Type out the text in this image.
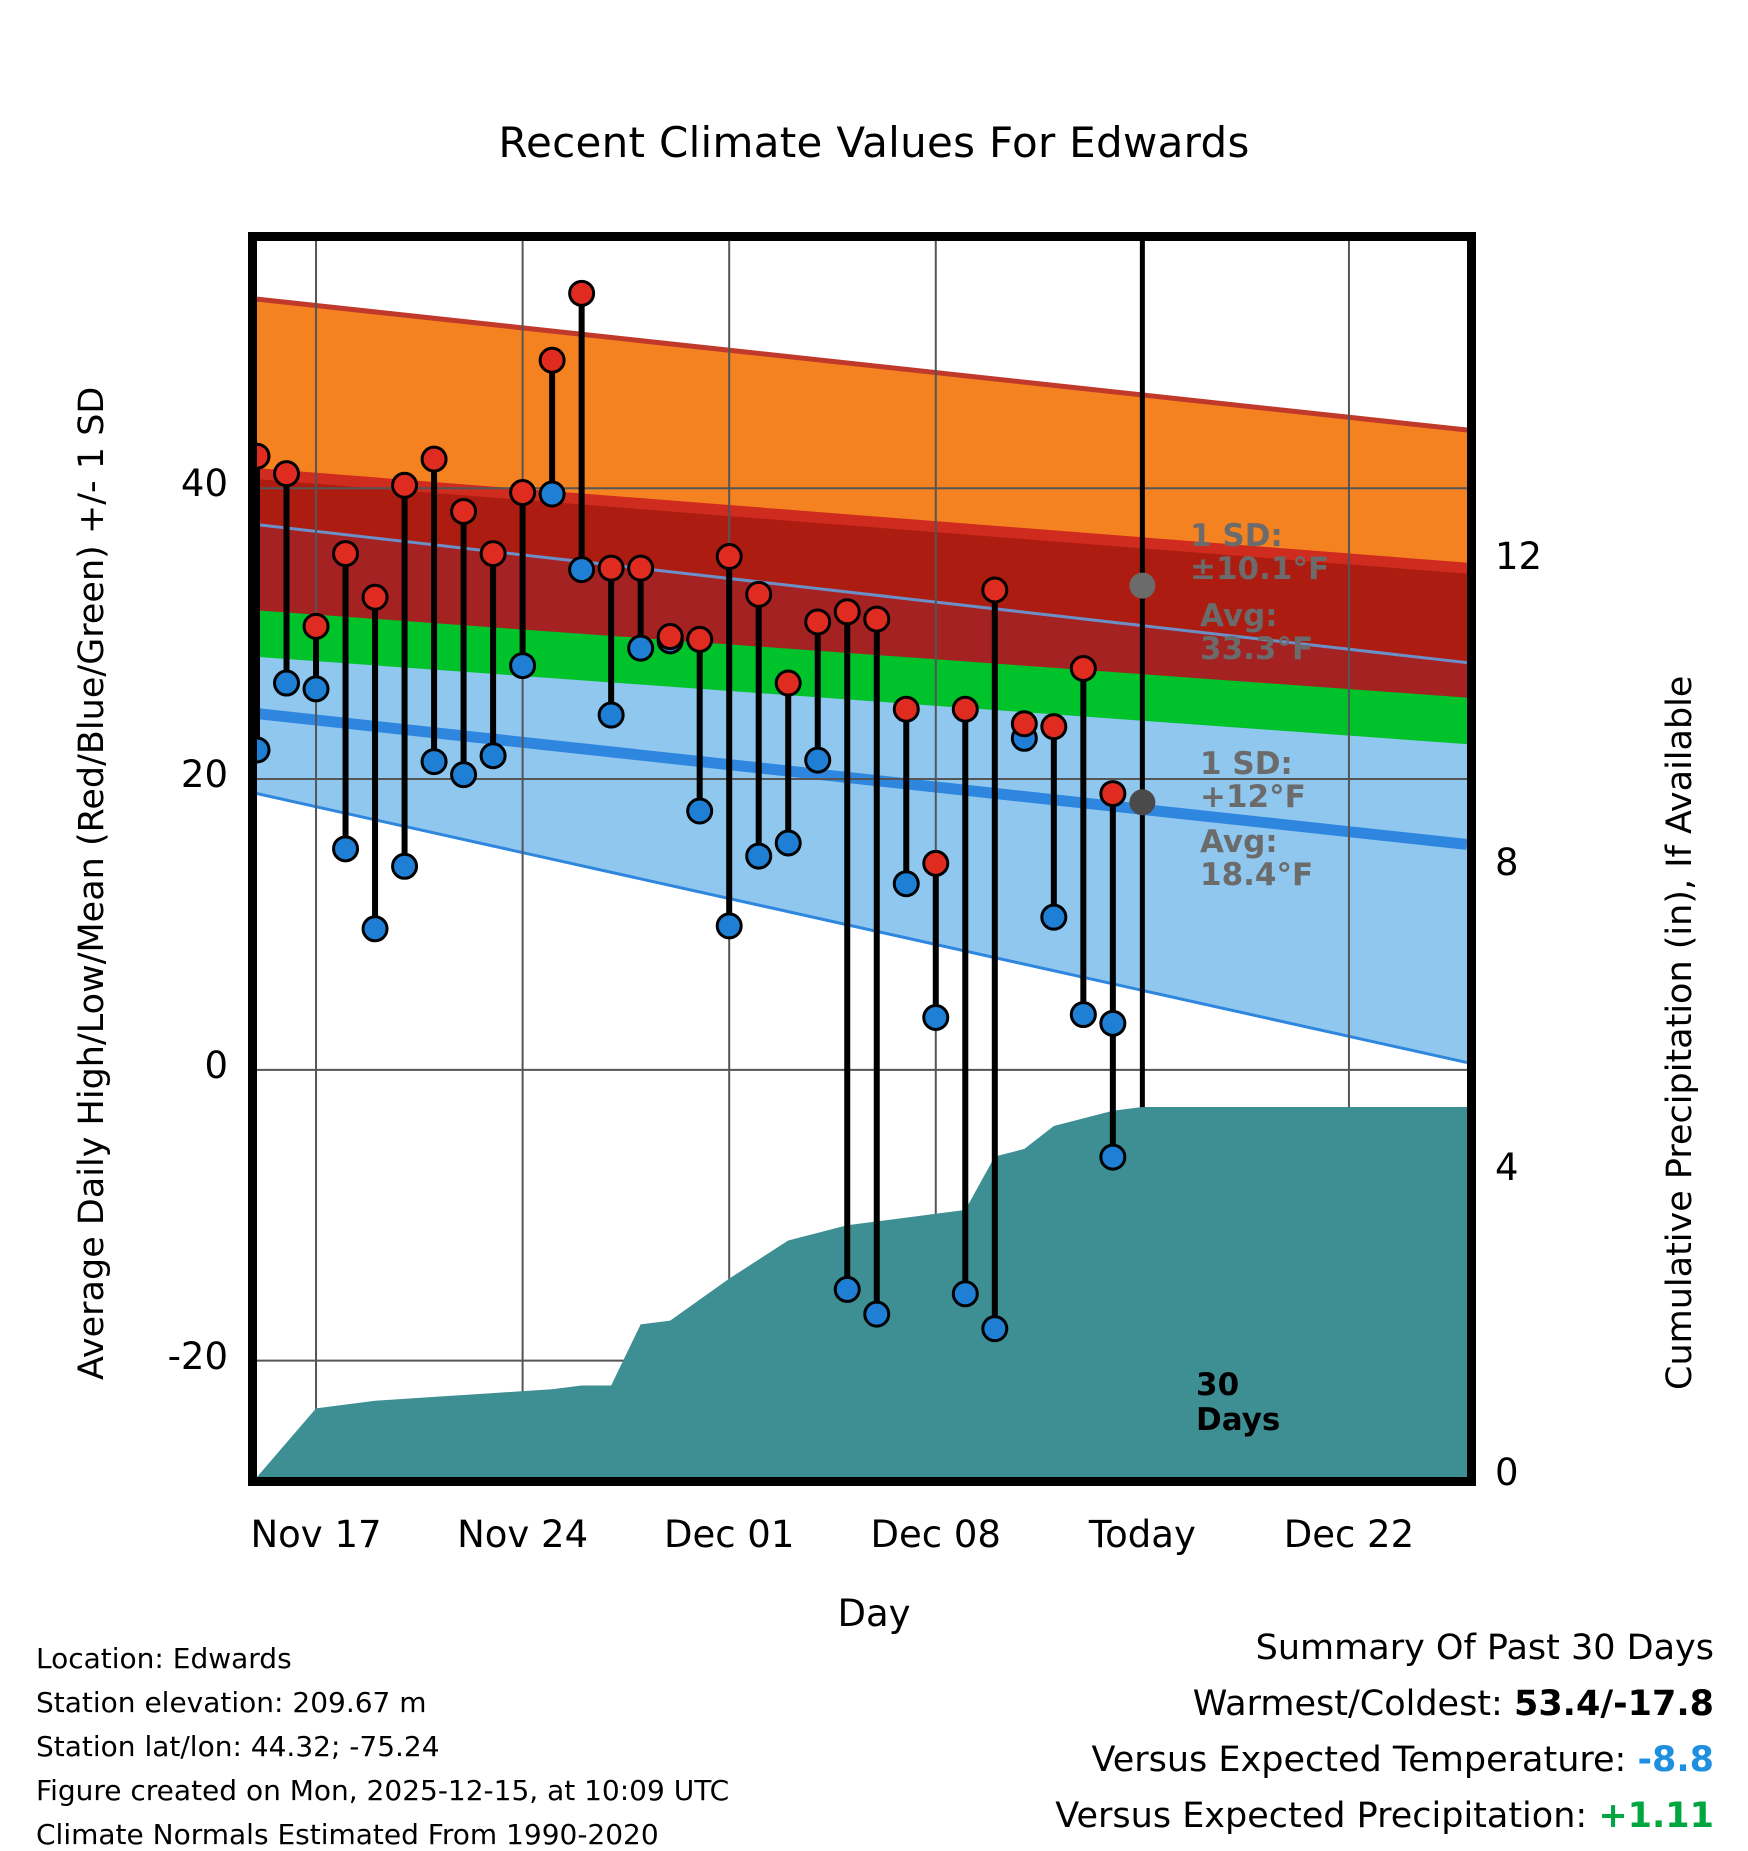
Recent Climate Values For Edwards
Average Daily High/Low/Mean (Red/Blue/Green) +/- 1 SD	Cumulative Precipitation (in), If Available
40
20
0
-20
12
8
4
0
Nov 17	Nov 24	Dec 01	Dec 08	Today	Dec 22
Day
1 SD:
±10.1°F
Avg:
33.3°F
1 SD:
+12°F
Avg:
18.4°F
30
Days
Location: Edwards
Station elevation: 209.67 m
Station lat/lon: 44.32; -75.24
Figure created on Mon, 2025-12-15, at 10:09 UTC
Climate Normals Estimated From 1990-2020
Summary Of Past 30 Days
Warmest/Coldest: 53.4/-17.8
Versus Expected Temperature: -8.8
Versus Expected Precipitation: +1.11
